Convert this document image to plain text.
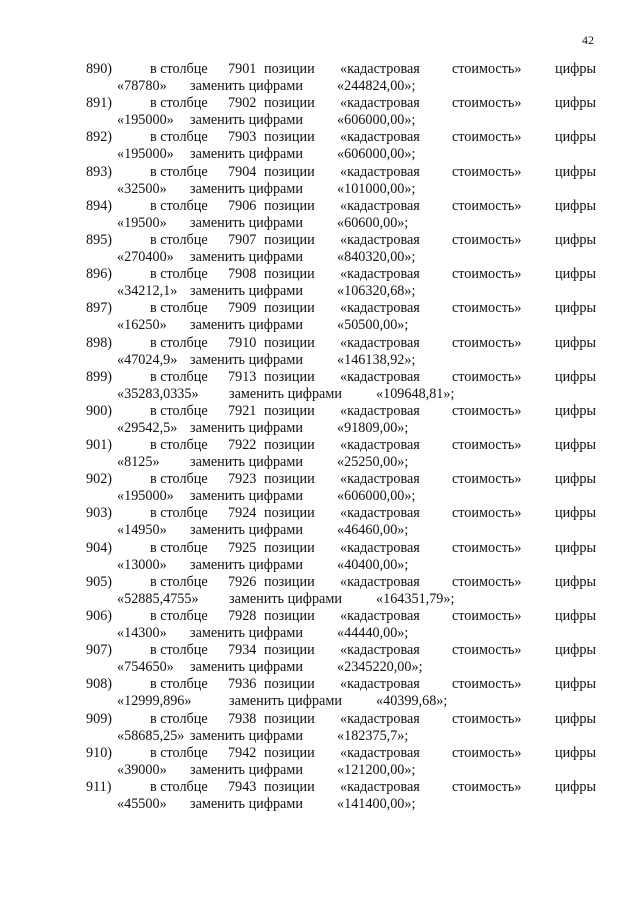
42
890)	в столбце 7901 позиции «кадастровая стоимость» цифры
«78780» заменить цифрами «244824,00»;
891)	в столбце 7902 позиции «кадастровая стоимость» цифры
«195000» заменить цифрами «606000,00»;
892)	в столбце 7903 позиции «кадастровая стоимость» цифры
«195000» заменить цифрами «606000,00»;
893)	в столбце 7904 позиции «кадастровая стоимость» цифры
«32500» заменить цифрами «101000,00»;
894)	в столбце 7906 позиции «кадастровая стоимость» цифры
«19500» заменить цифрами «60600,00»;
895)	в столбце 7907 позиции «кадастровая стоимость» цифры
«270400» заменить цифрами «840320,00»;
896)	в столбце 7908 позиции «кадастровая стоимость» цифры
«34212,1» заменить цифрами «106320,68»;
897)	в столбце 7909 позиции «кадастровая стоимость» цифры
«16250» заменить цифрами «50500,00»;
898)	в столбце 7910 позиции «кадастровая стоимость» цифры
«47024,9» заменить цифрами «146138,92»;
899)	в столбце 7913 позиции «кадастровая стоимость» цифры
«35283,0335» заменить цифрами «109648,81»;
900)	в столбце 7921 позиции «кадастровая стоимость» цифры
«29542,5» заменить цифрами «91809,00»;
901)	в столбце 7922 позиции «кадастровая стоимость» цифры
«8125» заменить цифрами «25250,00»;
902)	в столбце 7923 позиции «кадастровая стоимость» цифры
«195000» заменить цифрами «606000,00»;
903)	в столбце 7924 позиции «кадастровая стоимость» цифры
«14950» заменить цифрами «46460,00»;
904)	в столбце 7925 позиции «кадастровая стоимость» цифры
«13000» заменить цифрами «40400,00»;
905)	в столбце 7926 позиции «кадастровая стоимость» цифры
«52885,4755» заменить цифрами «164351,79»;
906)	в столбце 7928 позиции «кадастровая стоимость» цифры
«14300» заменить цифрами «44440,00»;
907)	в столбце 7934 позиции «кадастровая стоимость» цифры
«754650» заменить цифрами «2345220,00»;
908)	в столбце 7936 позиции «кадастровая стоимость» цифры
«12999,896»	заменить цифрами «40399,68»;
909)	в столбце 7938 позиции «кадастровая стоимость» цифры
«58685,25» заменить цифрами «182375,7»;
910)	в столбце 7942 позиции «кадастровая стоимость» цифры
«39000» заменить цифрами «121200,00»;
911)	в столбце 7943 позиции «кадастровая стоимость» цифры
«45500» заменить цифрами «141400,00»;
